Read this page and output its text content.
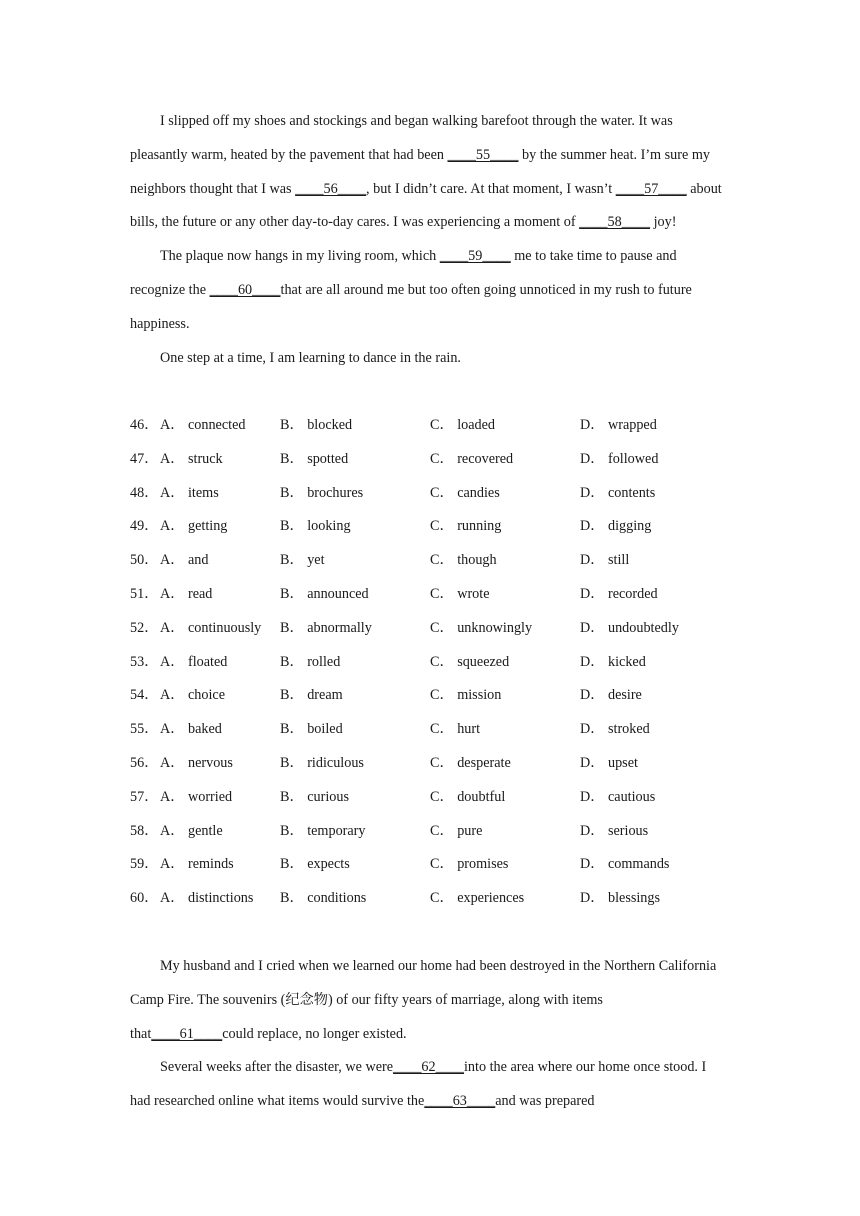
I slipped off my shoes and stockings and began walking barefoot through the water. It was pleasantly warm, heated by the pavement that had been ____55____ by the summer heat. I’m sure my neighbors thought that I was ____56____, but I didn’t care. At that moment, I wasn’t ____57____ about bills, the future or any other day-to-day cares. I was experiencing a moment of ____58____ joy!

The plaque now hangs in my living room, which ____59____ me to take time to pause and recognize the ____60____that are all around me but too often going unnoticed in my rush to future happiness.

One step at a time, I am learning to dance in the rain.

46． A． connected B． blocked	C． loaded	D． wrapped
47． A． struck	B． spotted	C． recovered	D． followed
48． A． items	B． brochures	C． candies	D． contents
49． A． getting	B． looking	C． running	D． digging
50． A． and	B． yet	C． though	D． still
51． A． read	B． announced	C． wrote	D． recorded
52． A． continuously B． abnormally	C． unknowingly	D． undoubtedly
53． A． floated	B． rolled	C． squeezed	D． kicked
54． A． choice	B． dream	C． mission	D． desire
55． A． baked	B． boiled	C． hurt	D． stroked
56． A． nervous	B． ridiculous	C． desperate	D． upset
57． A． worried	B． curious	C． doubtful	D． cautious
58． A． gentle	B． temporary	C． pure	D． serious
59． A． reminds	B． expects	C． promises	D． commands
60． A． distinctions B． conditions	C． experiences	D． blessings

My husband and I cried when we learned our home had been destroyed in the Northern California Camp Fire. The souvenirs (纪念物) of our fifty years of marriage, along with items that____61____could replace, no longer existed.

Several weeks after the disaster, we were____62____into the area where our home once stood. I had researched online what items would survive the____63____and was prepared
